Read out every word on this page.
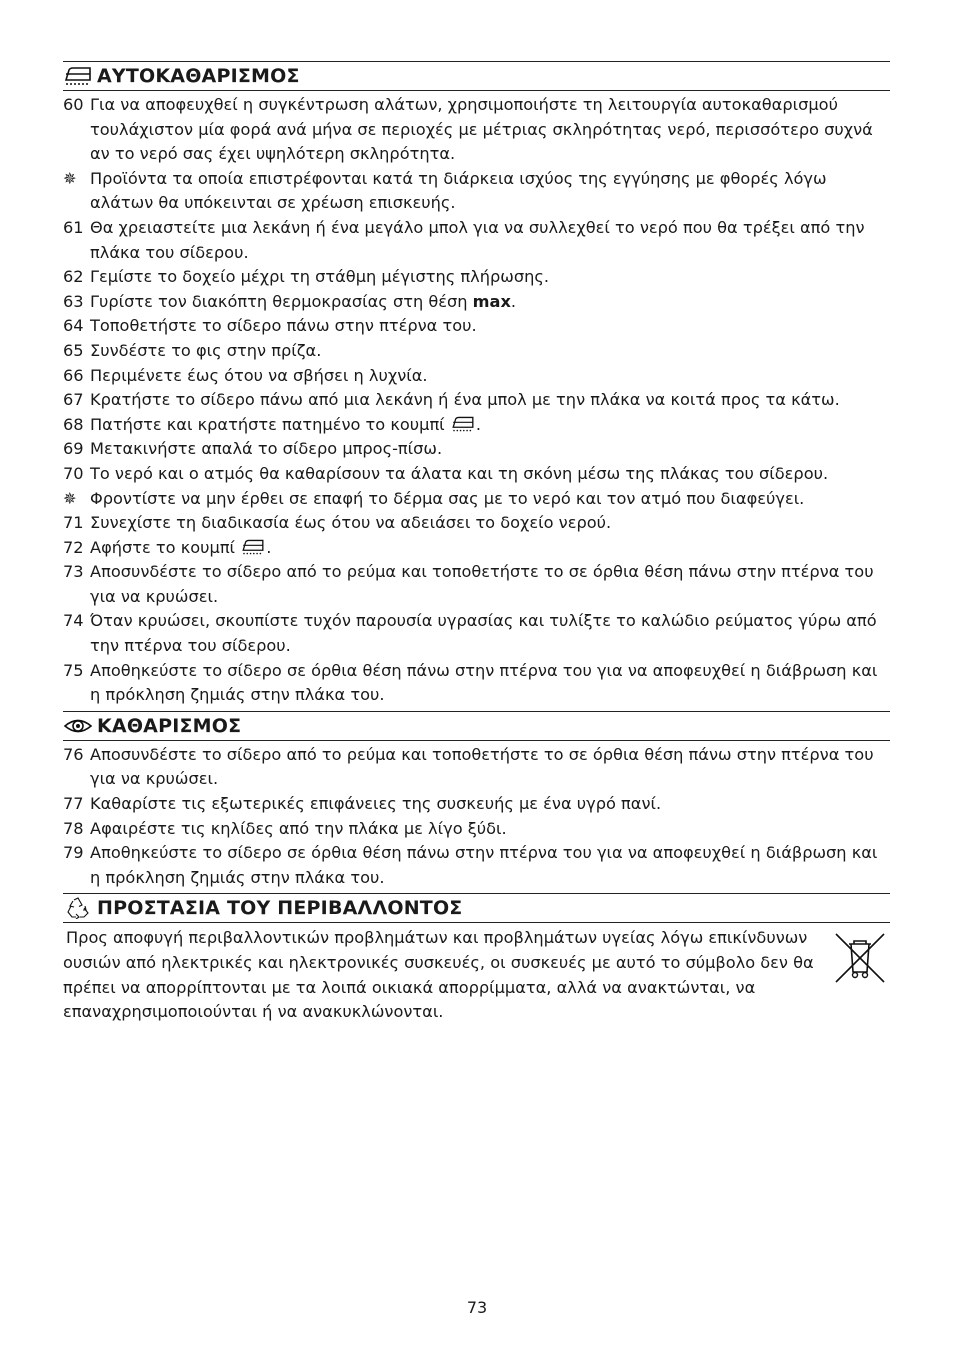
ΑΥΤΟΚΑΘΑΡΙΣΜΟΣ
60 Για να αποφευχθεί η συγκέντρωση αλάτων, χρησιμοποιήστε τη λειτουργία αυτοκαθαρισμού τουλάχιστον μία φορά ανά μήνα σε περιοχές με μέτριας σκληρότητας νερό, περισσότερο συχνά αν το νερό σας έχει υψηλότερη σκληρότητα.
✵ Προϊόντα τα οποία επιστρέφονται κατά τη διάρκεια ισχύος της εγγύησης με φθορές λόγω αλάτων θα υπόκεινται σε χρέωση επισκευής.
61 Θα χρειαστείτε μια λεκάνη ή ένα μεγάλο μπολ για να συλλεχθεί το νερό που θα τρέξει από την πλάκα του σίδερου.
62 Γεμίστε το δοχείο μέχρι τη στάθμη μέγιστης πλήρωσης.
63 Γυρίστε τον διακόπτη θερμοκρασίας στη θέση max.
64 Τοποθετήστε το σίδερο πάνω στην πτέρνα του.
65 Συνδέστε το φις στην πρίζα.
66 Περιμένετε έως ότου να σβήσει η λυχνία.
67 Κρατήστε το σίδερο πάνω από μια λεκάνη ή ένα μπολ με την πλάκα να κοιτά προς τα κάτω.
68 Πατήστε και κρατήστε πατημένο το κουμπί .
69 Μετακινήστε απαλά το σίδερο μπρος-πίσω.
70 Το νερό και ο ατμός θα καθαρίσουν τα άλατα και τη σκόνη μέσω της πλάκας του σίδερου.
✵ Φροντίστε να μην έρθει σε επαφή το δέρμα σας με το νερό και τον ατμό που διαφεύγει.
71 Συνεχίστε τη διαδικασία έως ότου να αδειάσει το δοχείο νερού.
72 Αφήστε το κουμπί .
73 Αποσυνδέστε το σίδερο από το ρεύμα και τοποθετήστε το σε όρθια θέση πάνω στην πτέρνα του για να κρυώσει.
74 Όταν κρυώσει, σκουπίστε τυχόν παρουσία υγρασίας και τυλίξτε το καλώδιο ρεύματος γύρω από την πτέρνα του σίδερου.
75 Αποθηκεύστε το σίδερο σε όρθια θέση πάνω στην πτέρνα του για να αποφευχθεί η διάβρωση και η πρόκληση ζημιάς στην πλάκα του.
ΚΑΘΑΡΙΣΜΟΣ
76 Αποσυνδέστε το σίδερο από το ρεύμα και τοποθετήστε το σε όρθια θέση πάνω στην πτέρνα του για να κρυώσει.
77 Καθαρίστε τις εξωτερικές επιφάνειες της συσκευής με ένα υγρό πανί.
78 Αφαιρέστε τις κηλίδες από την πλάκα με λίγο ξύδι.
79 Αποθηκεύστε το σίδερο σε όρθια θέση πάνω στην πτέρνα του για να αποφευχθεί η διάβρωση και η πρόκληση ζημιάς στην πλάκα του.
ΠΡΟΣΤΑΣΙΑ ΤΟΥ ΠΕΡΙΒΑΛΛΟΝΤΟΣ
Προς αποφυγή περιβαλλοντικών προβλημάτων και προβλημάτων υγείας λόγω επικίνδυνων ουσιών από ηλεκτρικές και ηλεκτρονικές συσκευές, οι συσκευές με αυτό το σύμβολο δεν θα πρέπει να απορρίπτονται με τα λοιπά οικιακά απορρίμματα, αλλά να ανακτώνται, να επαναχρησιμοποιούνται ή να ανακυκλώνονται.
73
